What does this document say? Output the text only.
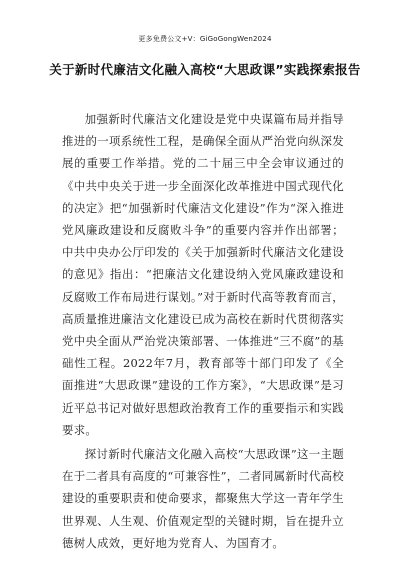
更多免费公文+V：GiGoGongWen2024
关于新时代廉洁文化融入高校“大思政课”实践探索报告

加强新时代廉洁文化建设是党中央谋篇布局并指导推进的一项系统性工程，是确保全面从严治党向纵深发展的重要工作举措。党的二十届三中全会审议通过的《中共中央关于进一步全面深化改革推进中国式现代化的决定》把“加强新时代廉洁文化建设”作为“深入推进党风廉政建设和反腐败斗争”的重要内容并作出部署；中共中央办公厅印发的《关于加强新时代廉洁文化建设的意见》指出：“把廉洁文化建设纳入党风廉政建设和反腐败工作布局进行谋划。”对于新时代高等教育而言，高质量推进廉洁文化建设已成为高校在新时代贯彻落实党中央全面从严治党决策部署、一体推进“三不腐”的基础性工程。2022年7月，教育部等十部门印发了《全面推进“大思政课”建设的工作方案》，“大思政课”是习近平总书记对做好思想政治教育工作的重要指示和实践要求。

探讨新时代廉洁文化融入高校“大思政课”这一主题在于二者具有高度的“可兼容性”，二者同属新时代高校建设的重要职责和使命要求，都聚焦大学这一青年学生世界观、人生观、价值观定型的关键时期，旨在提升立德树人成效，更好地为党育人、为国育才。
